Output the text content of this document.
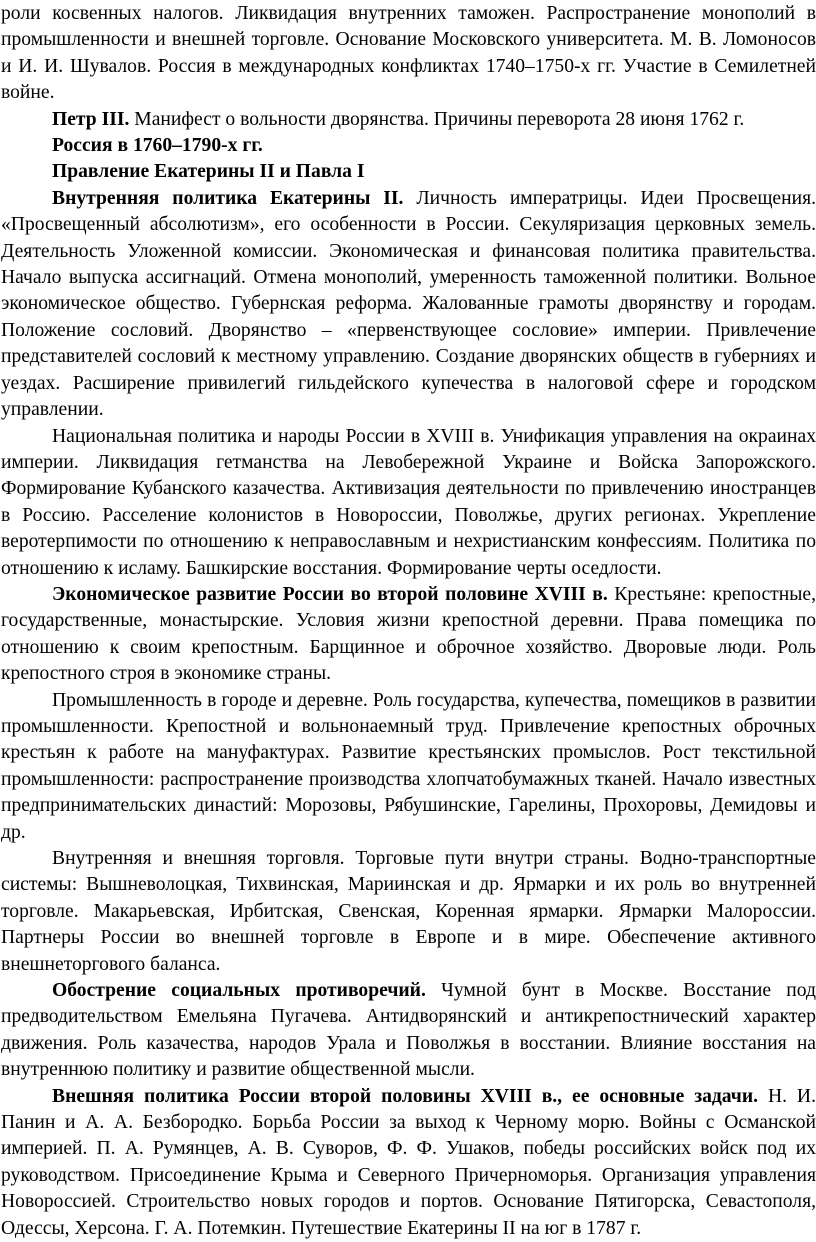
роли косвенных налогов. Ликвидация внутренних таможен. Распространение монополий в промышленности и внешней торговле. Основание Московского университета. М. В. Ломоносов и И. И. Шувалов. Россия в международных конфликтах 1740–1750-х гг. Участие в Семилетней войне.

Петр III. Манифест о вольности дворянства. Причины переворота 28 июня 1762 г.

Россия в 1760–1790-х гг.

Правление Екатерины II и Павла I

Внутренняя политика Екатерины II. Личность императрицы. Идеи Просвещения. «Просвещенный абсолютизм», его особенности в России. Секуляризация церковных земель. Деятельность Уложенной комиссии. Экономическая и финансовая политика правительства. Начало выпуска ассигнаций. Отмена монополий, умеренность таможенной политики. Вольное экономическое общество. Губернская реформа. Жалованные грамоты дворянству и городам. Положение сословий. Дворянство – «первенствующее сословие» империи. Привлечение представителей сословий к местному управлению. Создание дворянских обществ в губерниях и уездах. Расширение привилегий гильдейского купечества в налоговой сфере и городском управлении.

Национальная политика и народы России в XVIII в. Унификация управления на окраинах империи. Ликвидация гетманства на Левобережной Украине и Войска Запорожского. Формирование Кубанского казачества. Активизация деятельности по привлечению иностранцев в Россию. Расселение колонистов в Новороссии, Поволжье, других регионах. Укрепление веротерпимости по отношению к неправославным и нехристианским конфессиям. Политика по отношению к исламу. Башкирские восстания. Формирование черты оседлости.

Экономическое развитие России во второй половине XVIII в. Крестьяне: крепостные, государственные, монастырские. Условия жизни крепостной деревни. Права помещика по отношению к своим крепостным. Барщинное и оброчное хозяйство. Дворовые люди. Роль крепостного строя в экономике страны.

Промышленность в городе и деревне. Роль государства, купечества, помещиков в развитии промышленности. Крепостной и вольнонаемный труд. Привлечение крепостных оброчных крестьян к работе на мануфактурах. Развитие крестьянских промыслов. Рост текстильной промышленности: распространение производства хлопчатобумажных тканей. Начало известных предпринимательских династий: Морозовы, Рябушинские, Гарелины, Прохоровы, Демидовы и др.

Внутренняя и внешняя торговля. Торговые пути внутри страны. Водно-транспортные системы: Вышневолоцкая, Тихвинская, Мариинская и др. Ярмарки и их роль во внутренней торговле. Макарьевская, Ирбитская, Свенская, Коренная ярмарки. Ярмарки Малороссии. Партнеры России во внешней торговле в Европе и в мире. Обеспечение активного внешнеторгового баланса.

Обострение социальных противоречий. Чумной бунт в Москве. Восстание под предводительством Емельяна Пугачева. Антидворянский и антикрепостнический характер движения. Роль казачества, народов Урала и Поволжья в восстании. Влияние восстания на внутреннюю политику и развитие общественной мысли.

Внешняя политика России второй половины XVIII в., ее основные задачи. Н. И. Панин и А. А. Безбородко. Борьба России за выход к Черному морю. Войны с Османской империей. П. А. Румянцев, А. В. Суворов, Ф. Ф. Ушаков, победы российских войск под их руководством. Присоединение Крыма и Северного Причерноморья. Организация управления Новороссией. Строительство новых городов и портов. Основание Пятигорска, Севастополя, Одессы, Херсона. Г. А. Потемкин. Путешествие Екатерины II на юг в 1787 г.
